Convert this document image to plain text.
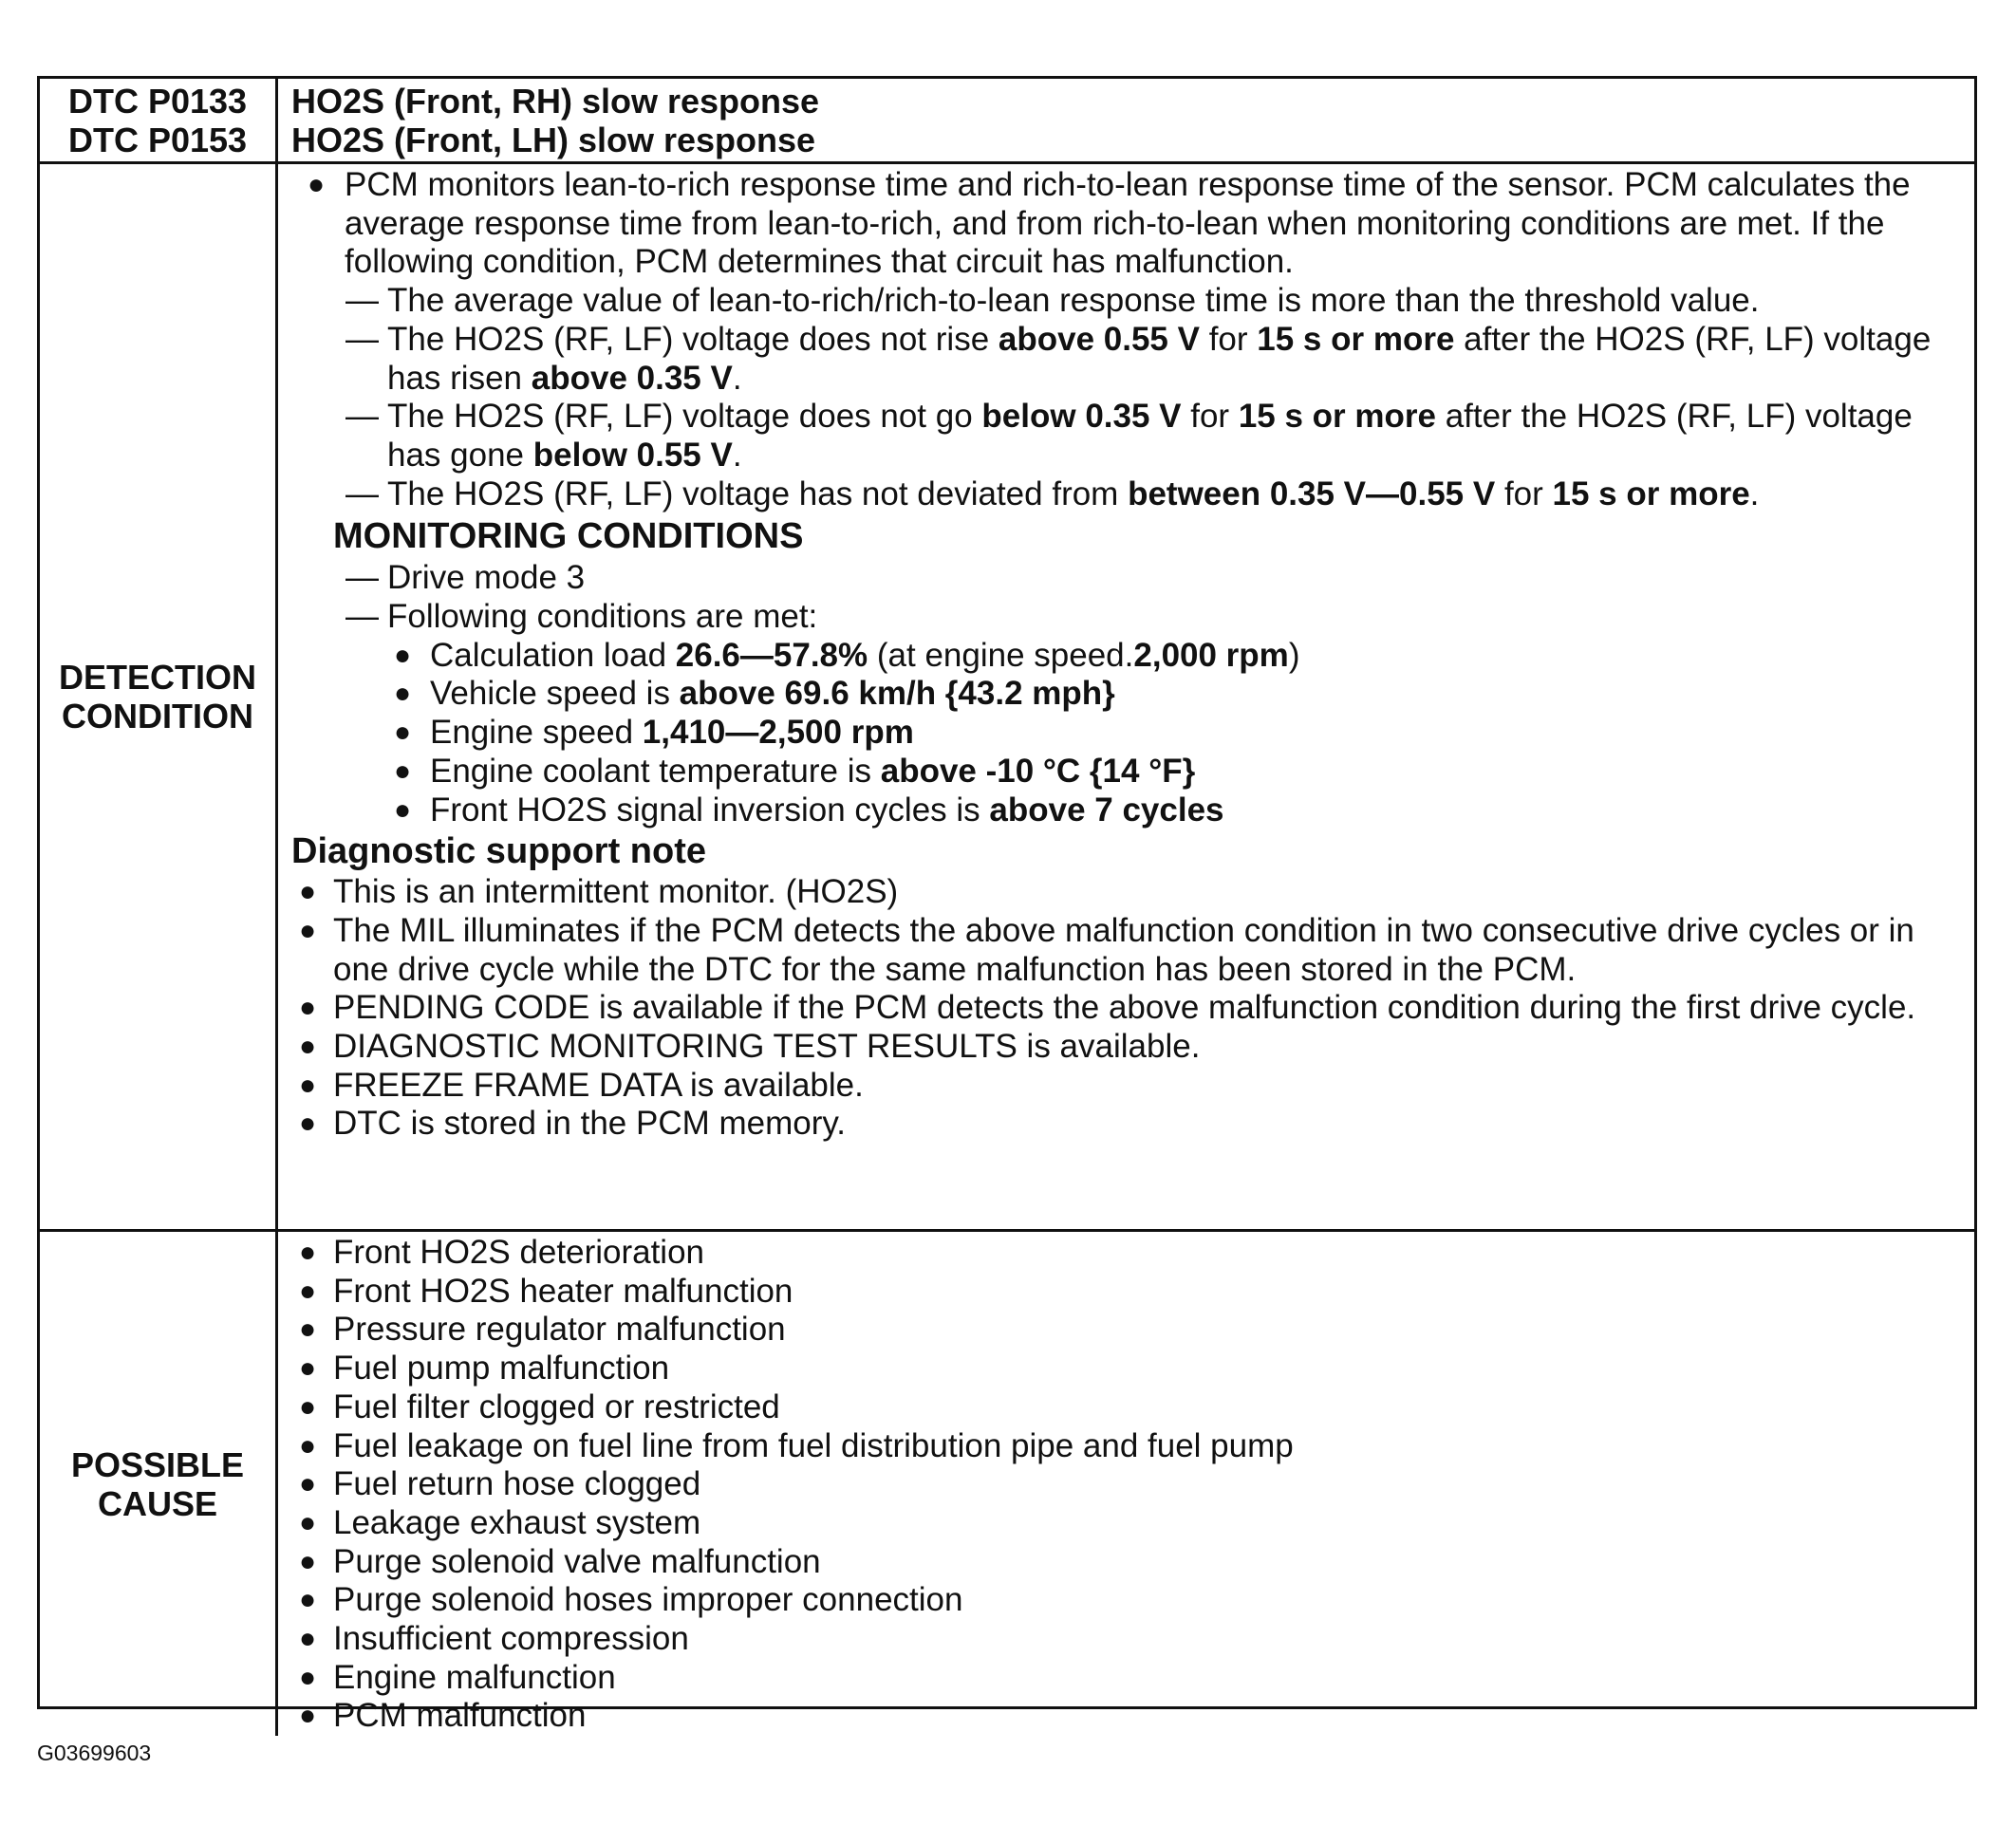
DTC P0133
DTC P0153
HO2S (Front, RH) slow response
HO2S (Front, LH) slow response
DETECTION
CONDITION
● PCM monitors lean-to-rich response time and rich-to-lean response time of the sensor. PCM calculates the average response time from lean-to-rich, and from rich-to-lean when monitoring conditions are met. If the following condition, PCM determines that circuit has malfunction.
— The average value of lean-to-rich/rich-to-lean response time is more than the threshold value.
— The HO2S (RF, LF) voltage does not rise above 0.55 V for 15 s or more after the HO2S (RF, LF) voltage has risen above 0.35 V.
— The HO2S (RF, LF) voltage does not go below 0.35 V for 15 s or more after the HO2S (RF, LF) voltage has gone below 0.55 V.
— The HO2S (RF, LF) voltage has not deviated from between 0.35 V—0.55 V for 15 s or more.
MONITORING CONDITIONS
— Drive mode 3
— Following conditions are met:
● Calculation load 26.6—57.8% (at engine speed.2,000 rpm)
● Vehicle speed is above 69.6 km/h {43.2 mph}
● Engine speed 1,410—2,500 rpm
● Engine coolant temperature is above -10 °C {14 °F}
● Front HO2S signal inversion cycles is above 7 cycles
Diagnostic support note
● This is an intermittent monitor. (HO2S)
● The MIL illuminates if the PCM detects the above malfunction condition in two consecutive drive cycles or in one drive cycle while the DTC for the same malfunction has been stored in the PCM.
● PENDING CODE is available if the PCM detects the above malfunction condition during the first drive cycle.
● DIAGNOSTIC MONITORING TEST RESULTS is available.
● FREEZE FRAME DATA is available.
● DTC is stored in the PCM memory.
POSSIBLE
CAUSE
● Front HO2S deterioration
● Front HO2S heater malfunction
● Pressure regulator malfunction
● Fuel pump malfunction
● Fuel filter clogged or restricted
● Fuel leakage on fuel line from fuel distribution pipe and fuel pump
● Fuel return hose clogged
● Leakage exhaust system
● Purge solenoid valve malfunction
● Purge solenoid hoses improper connection
● Insufficient compression
● Engine malfunction
● PCM malfunction
G03699603
